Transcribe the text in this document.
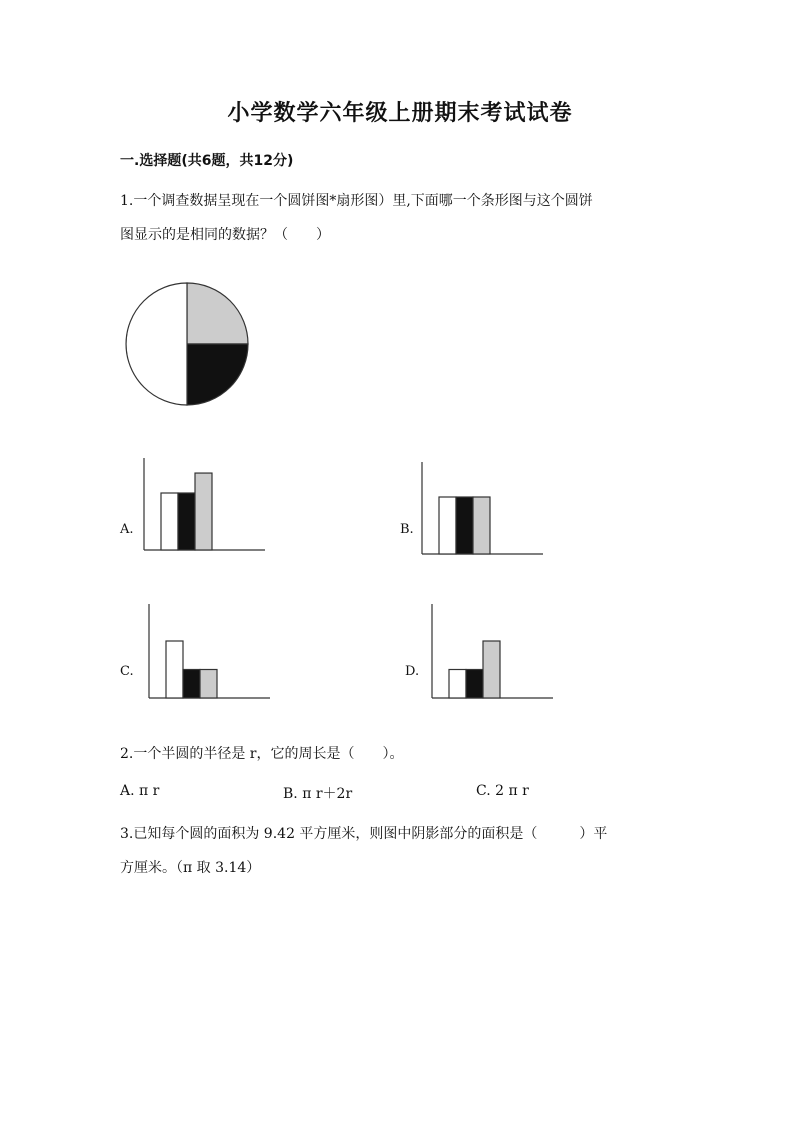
小学数学六年级上册期末考试试卷
一.选择题(共6题，共12分)
1.一个调查数据呈现在一个圆饼图*扇形图）里,下面哪一个条形图与这个圆饼
图显示的是相同的数据？（　　）
A.	B.
C.	D.
2.一个半圆的半径是 r，它的周长是（　　）。
A. π r	B. π r＋2r	C. 2 π r
3.已知每个圆的面积为 9.42 平方厘米，则图中阴影部分的面积是（　　　）平
方厘米。（π 取 3.14）
